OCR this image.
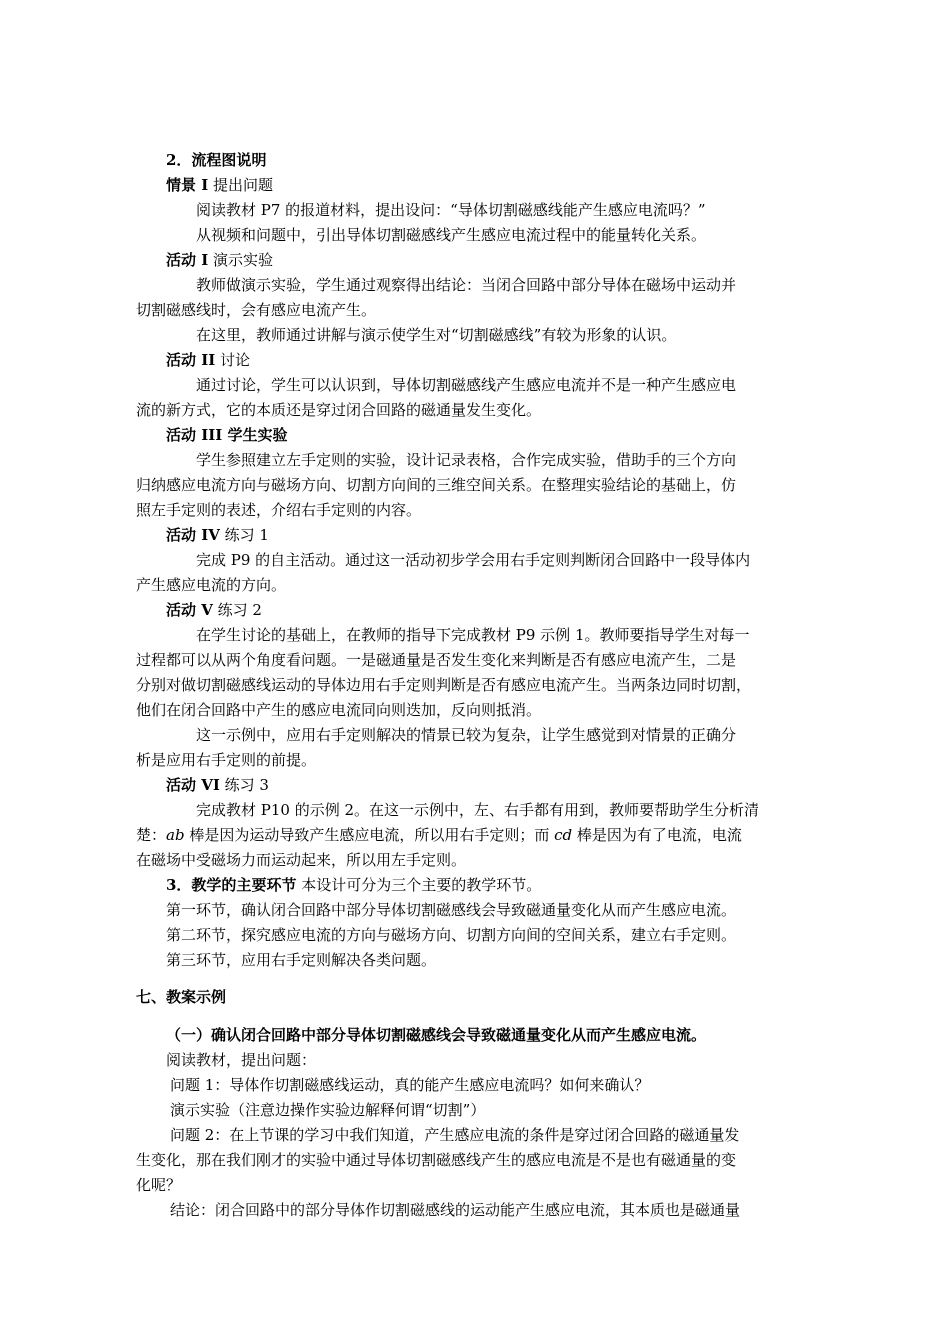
2．流程图说明
情景 I 提出问题
阅读教材 P7 的报道材料，提出设问：“导体切割磁感线能产生感应电流吗？”
从视频和问题中，引出导体切割磁感线产生感应电流过程中的能量转化关系。
活动 I 演示实验
教师做演示实验，学生通过观察得出结论：当闭合回路中部分导体在磁场中运动并
切割磁感线时，会有感应电流产生。
在这里，教师通过讲解与演示使学生对“切割磁感线”有较为形象的认识。
活动 II 讨论
通过讨论，学生可以认识到，导体切割磁感线产生感应电流并不是一种产生感应电
流的新方式，它的本质还是穿过闭合回路的磁通量发生变化。
活动 III 学生实验
学生参照建立左手定则的实验，设计记录表格，合作完成实验，借助手的三个方向
归纳感应电流方向与磁场方向、切割方向间的三维空间关系。在整理实验结论的基础上，仿
照左手定则的表述，介绍右手定则的内容。
活动 IV 练习 1
完成 P9 的自主活动。通过这一活动初步学会用右手定则判断闭合回路中一段导体内
产生感应电流的方向。
活动 V 练习 2
在学生讨论的基础上，在教师的指导下完成教材 P9 示例 1。教师要指导学生对每一
过程都可以从两个角度看问题。一是磁通量是否发生变化来判断是否有感应电流产生，二是
分别对做切割磁感线运动的导体边用右手定则判断是否有感应电流产生。当两条边同时切割，
他们在闭合回路中产生的感应电流同向则迭加，反向则抵消。
这一示例中，应用右手定则解决的情景已较为复杂，让学生感觉到对情景的正确分
析是应用右手定则的前提。
活动 VI 练习 3
完成教材 P10 的示例 2。在这一示例中，左、右手都有用到，教师要帮助学生分析清
楚：ab 棒是因为运动导致产生感应电流，所以用右手定则；而 cd 棒是因为有了电流，电流
在磁场中受磁场力而运动起来，所以用左手定则。
3．教学的主要环节 本设计可分为三个主要的教学环节。
第一环节，确认闭合回路中部分导体切割磁感线会导致磁通量变化从而产生感应电流。
第二环节，探究感应电流的方向与磁场方向、切割方向间的空间关系，建立右手定则。
第三环节，应用右手定则解决各类问题。
七、教案示例
（一）确认闭合回路中部分导体切割磁感线会导致磁通量变化从而产生感应电流。
阅读教材，提出问题：
问题 1：导体作切割磁感线运动，真的能产生感应电流吗？如何来确认？
演示实验（注意边操作实验边解释何谓“切割”）
问题 2：在上节课的学习中我们知道，产生感应电流的条件是穿过闭合回路的磁通量发
生变化，那在我们刚才的实验中通过导体切割磁感线产生的感应电流是不是也有磁通量的变
化呢？
结论：闭合回路中的部分导体作切割磁感线的运动能产生感应电流，其本质也是磁通量
